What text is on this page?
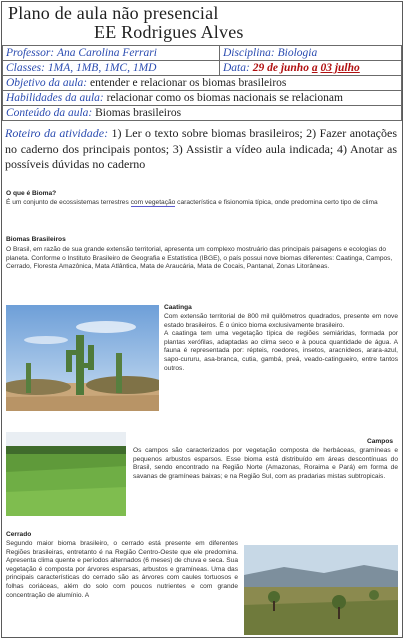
Plano de aula não presencial
EE Rodrigues Alves
Professor: Ana Carolina Ferrari	Disciplina: Biologia
Classes: 1MA, 1MB, 1MC, 1MD	Data: 29 de junho a 03 julho
Objetivo da aula: entender e relacionar os biomas brasileiros	
Habilidades da aula: relacionar como os biomas nacionais se relacionam	
Conteúdo da aula: Biomas brasileiros	
Roteiro da atividade: 1) Ler o texto sobre biomas brasileiros; 2) Fazer anotações no caderno dos principais pontos; 3) Assistir a vídeo aula indicada; 4) Anotar as possíveis dúvidas no caderno
O que é Bioma?
É um conjunto de ecossistemas terrestres com vegetação característica e fisionomia típica, onde predomina certo tipo de clima
Biomas Brasileiros
O Brasil, em razão de sua grande extensão territorial, apresenta um complexo mostruário das principais paisagens e ecologias do planeta. Conforme o Instituto Brasileiro de Geografia e Estatística (IBGE), o país possui nove biomas diferentes: Caatinga, Campos, Cerrado, Floresta Amazônica, Mata Atlântica, Mata de Araucária, Mata de Cocais, Pantanal, Zonas Litorâneas.
Caatinga
Com extensão territorial de 800 mil quilômetros quadrados, presente em nove estado brasileiros. É o único bioma exclusivamente brasileiro.
A caatinga tem uma vegetação típica de regiões semiáridas, formada por plantas xerófilas, adaptadas ao clima seco e à pouca quantidade de água. A fauna é representada por: répteis, roedores, insetos, aracnídeos, arara-azul, sapo-cururu, asa-branca, cutia, gambá, preá, veado-catingueiro, entre tantos outros.
Campos
Os campos são caracterizados por vegetação composta de herbáceas, gramíneas e pequenos arbustos esparsos. Esse bioma está distribuído em áreas descontínuas do Brasil, sendo encontrado na Região Norte (Amazonas, Roraima e Pará) em forma de savanas de gramíneas baixas; e na Região Sul, com as pradarias mistas subtropicais.
Cerrado
Segundo maior bioma brasileiro, o cerrado está presente em diferentes Regiões brasileiras, entretanto é na Região Centro-Oeste que ele predomina. Apresenta clima quente e períodos alternados (6 meses) de chuva e seca. Sua vegetação é composta por árvores esparsas, arbustos e gramíneas. Uma das principais características do cerrado são as árvores com caules tortuosos e folhas coriáceas, além do solo com poucos nutrientes e com grande concentração de alumínio. A
